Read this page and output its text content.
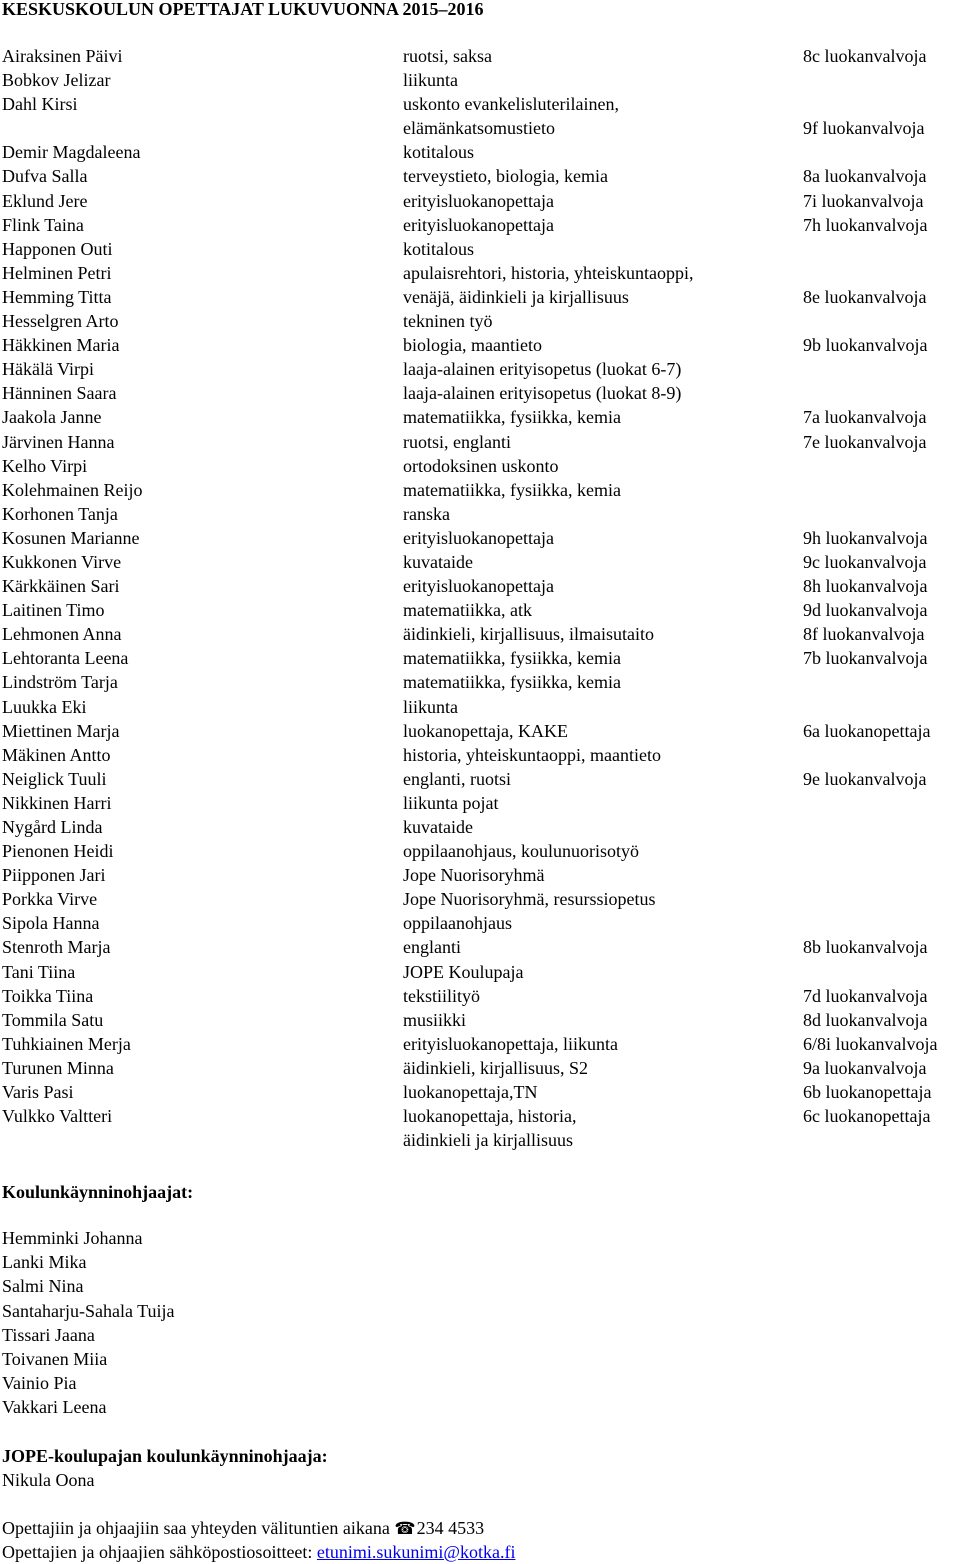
KESKUSKOULUN OPETTAJAT LUKUVUONNA 2015–2016
Airaksinen Päivi	ruotsi, saksa	8c luokanvalvoja
Bobkov Jelizar	liikunta
Dahl Kirsi	uskonto evankelisluterilainen,
elämänkatsomustieto	9f luokanvalvoja
Demir Magdaleena	kotitalous
Dufva Salla	terveystieto, biologia, kemia	8a luokanvalvoja
Eklund Jere	erityisluokanopettaja	7i luokanvalvoja
Flink Taina	erityisluokanopettaja	7h luokanvalvoja
Happonen Outi	kotitalous
Helminen Petri	apulaisrehtori, historia, yhteiskuntaoppi,
Hemming Titta	venäjä, äidinkieli ja kirjallisuus	8e luokanvalvoja
Hesselgren Arto	tekninen työ
Häkkinen Maria	biologia, maantieto	9b luokanvalvoja
Häkälä Virpi	laaja-alainen erityisopetus (luokat 6-7)
Hänninen Saara	laaja-alainen erityisopetus (luokat 8-9)
Jaakola Janne	matematiikka, fysiikka, kemia	7a luokanvalvoja
Järvinen Hanna	ruotsi, englanti	7e luokanvalvoja
Kelho Virpi	ortodoksinen uskonto
Kolehmainen Reijo	matematiikka, fysiikka, kemia
Korhonen Tanja	ranska
Kosunen Marianne	erityisluokanopettaja	9h luokanvalvoja
Kukkonen Virve	kuvataide	9c luokanvalvoja
Kärkkäinen Sari	erityisluokanopettaja	8h luokanvalvoja
Laitinen Timo	matematiikka, atk	9d luokanvalvoja
Lehmonen Anna	äidinkieli, kirjallisuus, ilmaisutaito	8f luokanvalvoja
Lehtoranta Leena	matematiikka, fysiikka, kemia	7b luokanvalvoja
Lindström Tarja	matematiikka, fysiikka, kemia
Luukka Eki	liikunta
Miettinen Marja	luokanopettaja, KAKE	6a luokanopettaja
Mäkinen Antto	historia, yhteiskuntaoppi, maantieto
Neiglick Tuuli	englanti, ruotsi	9e luokanvalvoja
Nikkinen Harri	liikunta pojat
Nygård Linda	kuvataide
Pienonen Heidi	oppilaanohjaus, koulunuorisotyö
Piipponen Jari	Jope Nuorisoryhmä
Porkka Virve	Jope Nuorisoryhmä, resurssiopetus
Sipola Hanna	oppilaanohjaus
Stenroth Marja	englanti	8b luokanvalvoja
Tani Tiina	JOPE Koulupaja
Toikka Tiina	tekstiilityö	7d luokanvalvoja
Tommila Satu	musiikki	8d luokanvalvoja
Tuhkiainen Merja	erityisluokanopettaja, liikunta	6/8i luokanvalvoja
Turunen Minna	äidinkieli, kirjallisuus, S2	9a luokanvalvoja
Varis Pasi	luokanopettaja,TN	6b luokanopettaja
Vulkko Valtteri	luokanopettaja, historia,	6c luokanopettaja
äidinkieli ja kirjallisuus
Koulunkäynninohjaajat:
Hemminki Johanna
Lanki Mika
Salmi Nina
Santaharju-Sahala Tuija
Tissari Jaana
Toivanen Miia
Vainio Pia
Vakkari Leena
JOPE-koulupajan koulunkäynninohjaaja:
Nikula Oona
Opettajiin ja ohjaajiin saa yhteyden välituntien aikana ☎234 4533
Opettajien ja ohjaajien sähköpostiosoitteet: etunimi.sukunimi@kotka.fi
